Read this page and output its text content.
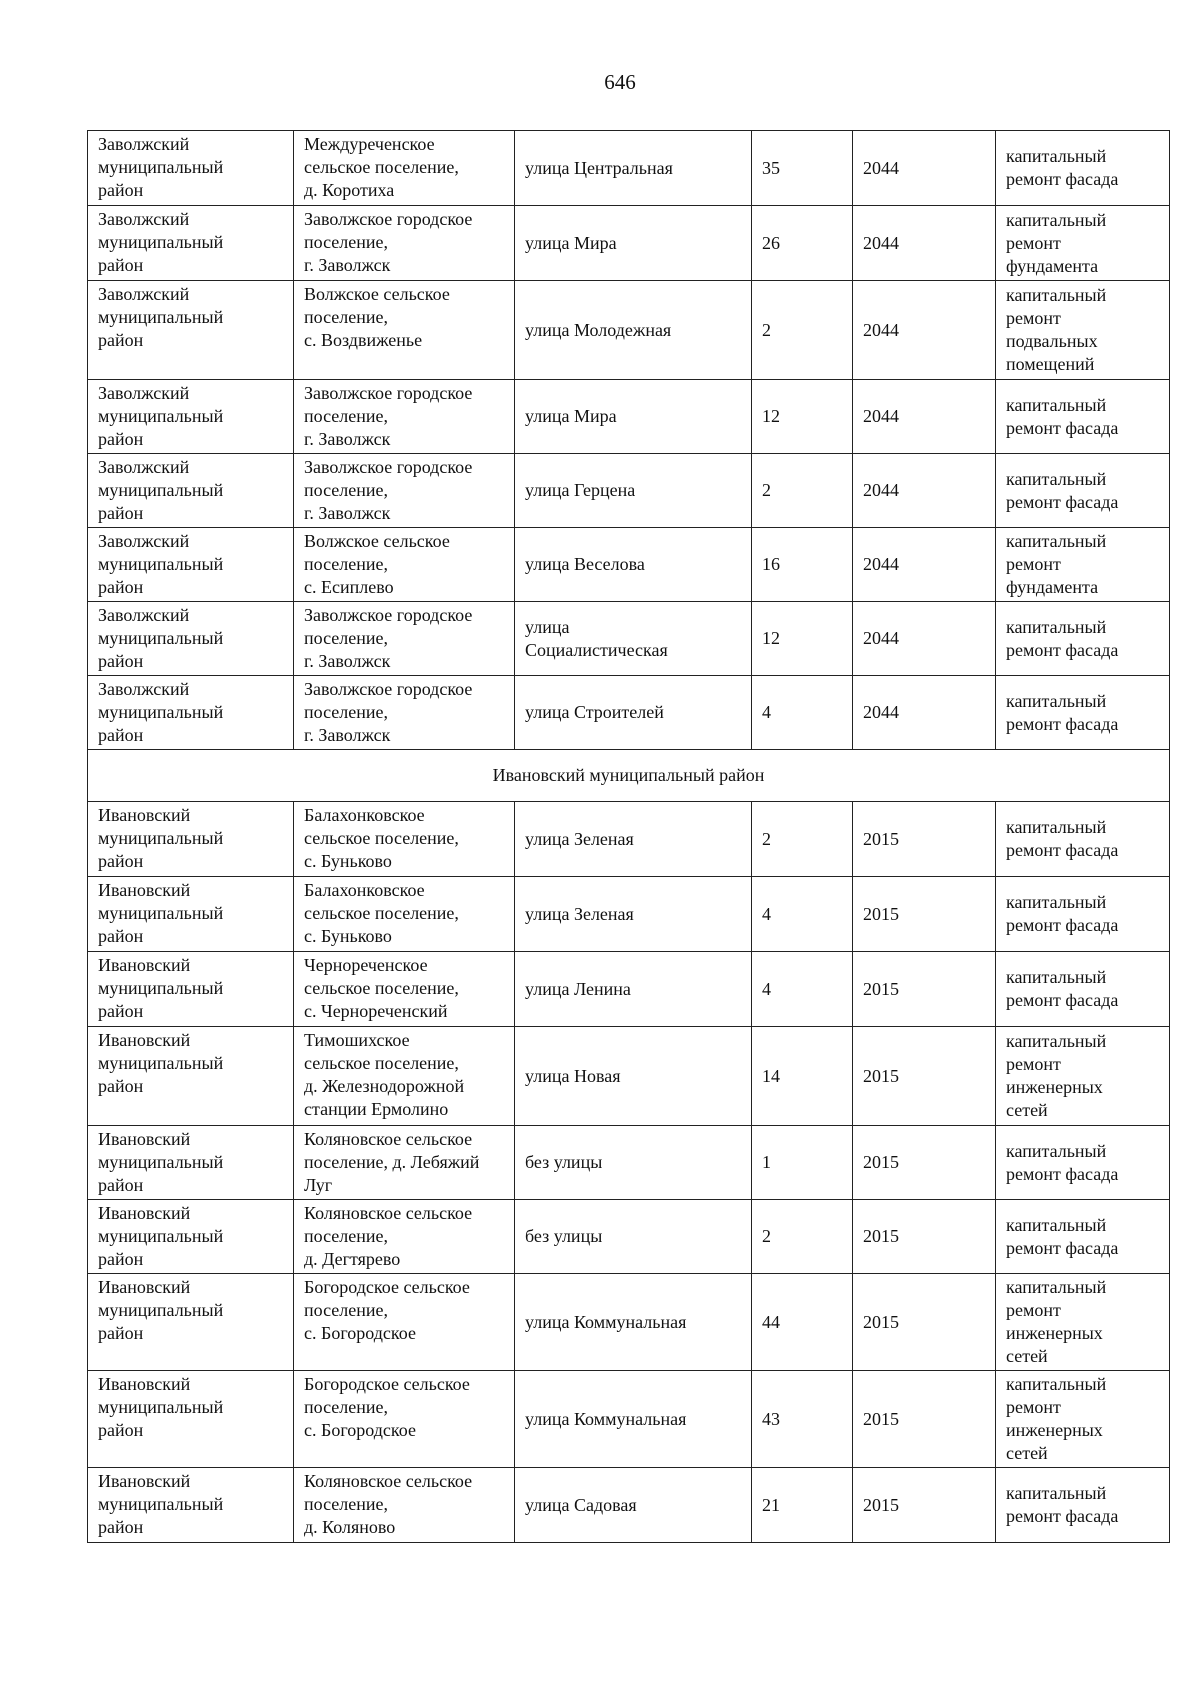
646
Заволжский
муниципальный
район	Междуреченское
сельское поселение,
д. Коротиха	улица Центральная	35	2044	капитальный
ремонт фасада
Заволжский
муниципальный
район	Заволжское городское
поселение,
г. Заволжск	улица Мира	26	2044	капитальный
ремонт
фундамента
Заволжский
муниципальный
район	Волжское сельское
поселение,
с. Воздвиженье	улица Молодежная	2	2044	капитальный
ремонт
подвальных
помещений
Заволжский
муниципальный
район	Заволжское городское
поселение,
г. Заволжск	улица Мира	12	2044	капитальный
ремонт фасада
Заволжский
муниципальный
район	Заволжское городское
поселение,
г. Заволжск	улица Герцена	2	2044	капитальный
ремонт фасада
Заволжский
муниципальный
район	Волжское сельское
поселение,
с. Есиплево	улица Веселова	16	2044	капитальный
ремонт
фундамента
Заволжский
муниципальный
район	Заволжское городское
поселение,
г. Заволжск	улица
Социалистическая	12	2044	капитальный
ремонт фасада
Заволжский
муниципальный
район	Заволжское городское
поселение,
г. Заволжск	улица Строителей	4	2044	капитальный
ремонт фасада
Ивановский муниципальный район					
Ивановский
муниципальный
район	Балахонковское
сельское поселение,
с. Буньково	улица Зеленая	2	2015	капитальный
ремонт фасада
Ивановский
муниципальный
район	Балахонковское
сельское поселение,
с. Буньково	улица Зеленая	4	2015	капитальный
ремонт фасада
Ивановский
муниципальный
район	Чернореченское
сельское поселение,
с. Чернореченский	улица Ленина	4	2015	капитальный
ремонт фасада
Ивановский
муниципальный
район	Тимошихское
сельское поселение,
д. Железнодорожной
станции Ермолино	улица Новая	14	2015	капитальный
ремонт
инженерных
сетей
Ивановский
муниципальный
район	Коляновское сельское
поселение, д. Лебяжий
Луг	без улицы	1	2015	капитальный
ремонт фасада
Ивановский
муниципальный
район	Коляновское сельское
поселение,
д. Дегтярево	без улицы	2	2015	капитальный
ремонт фасада
Ивановский
муниципальный
район	Богородское сельское
поселение,
с. Богородское	улица Коммунальная	44	2015	капитальный
ремонт
инженерных
сетей
Ивановский
муниципальный
район	Богородское сельское
поселение,
с. Богородское	улица Коммунальная	43	2015	капитальный
ремонт
инженерных
сетей
Ивановский
муниципальный
район	Коляновское сельское
поселение,
д. Коляново	улица Садовая	21	2015	капитальный
ремонт фасада
